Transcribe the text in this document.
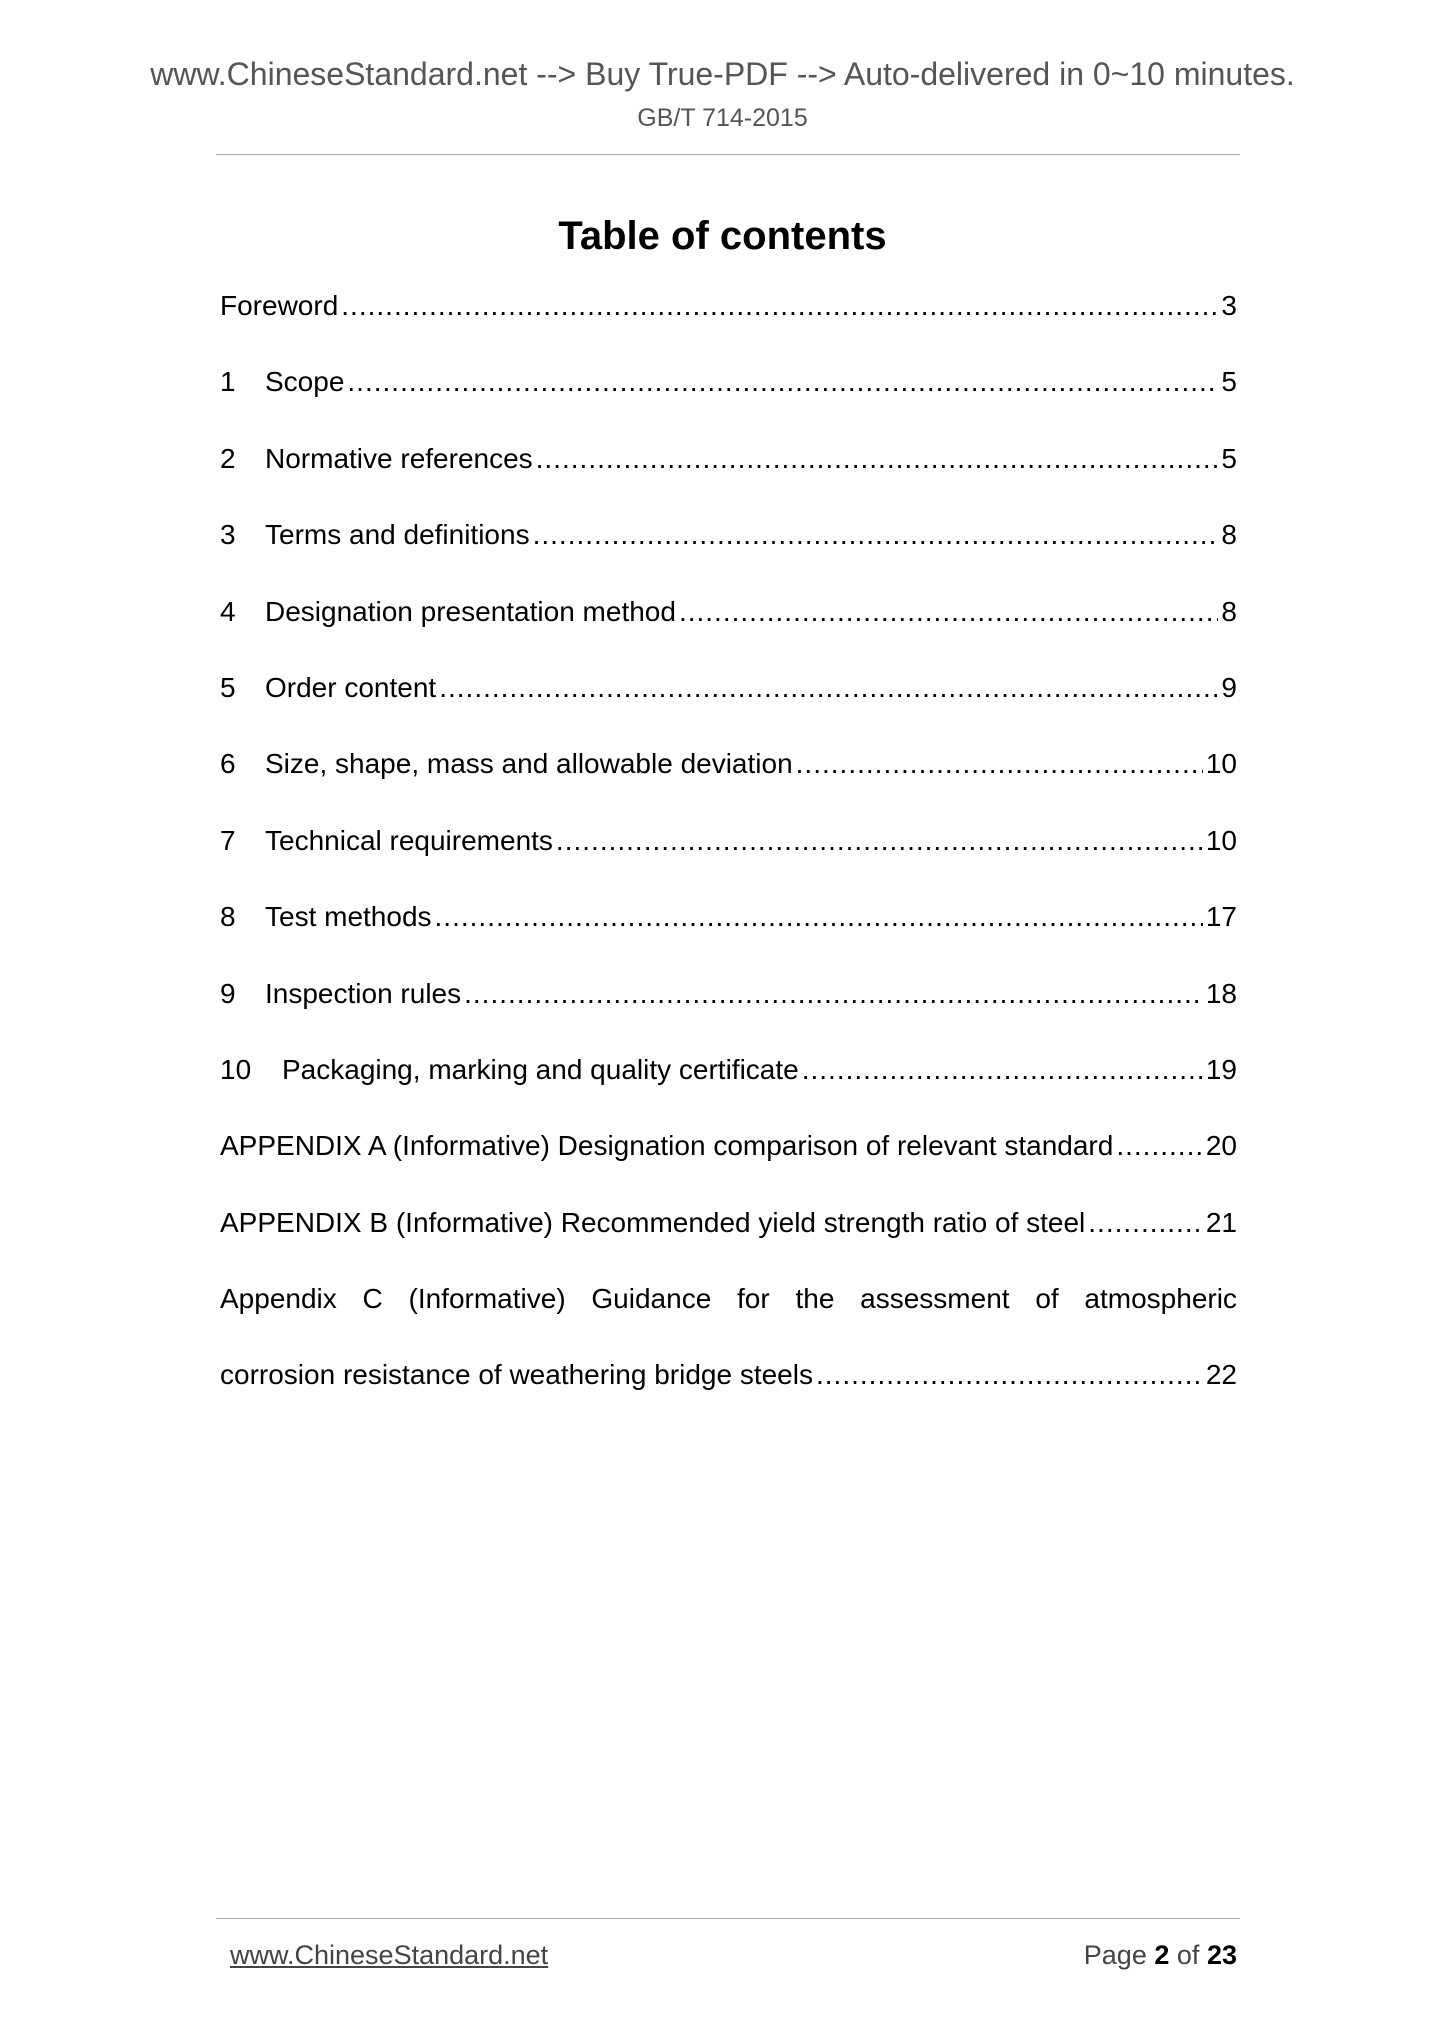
www.ChineseStandard.net --> Buy True-PDF --> Auto-delivered in 0~10 minutes.
GB/T 714-2015
Table of contents
Foreword .....	3
1	Scope .....	5
2	Normative references .....	5
3	Terms and definitions .....	8
4	Designation presentation method .....	8
5	Order content .....	9
6	Size, shape, mass and allowable deviation .....	10
7	Technical requirements .....	10
8	Test methods .....	17
9	Inspection rules .....	18
10	Packaging, marking and quality certificate .....	19
APPENDIX A (Informative) Designation comparison of relevant standard .....	20
APPENDIX B (Informative) Recommended yield strength ratio of steel .....	21
Appendix C (Informative) Guidance for the assessment of atmospheric
corrosion resistance of weathering bridge steels .....	22
www.ChineseStandard.net	Page 2 of 23
